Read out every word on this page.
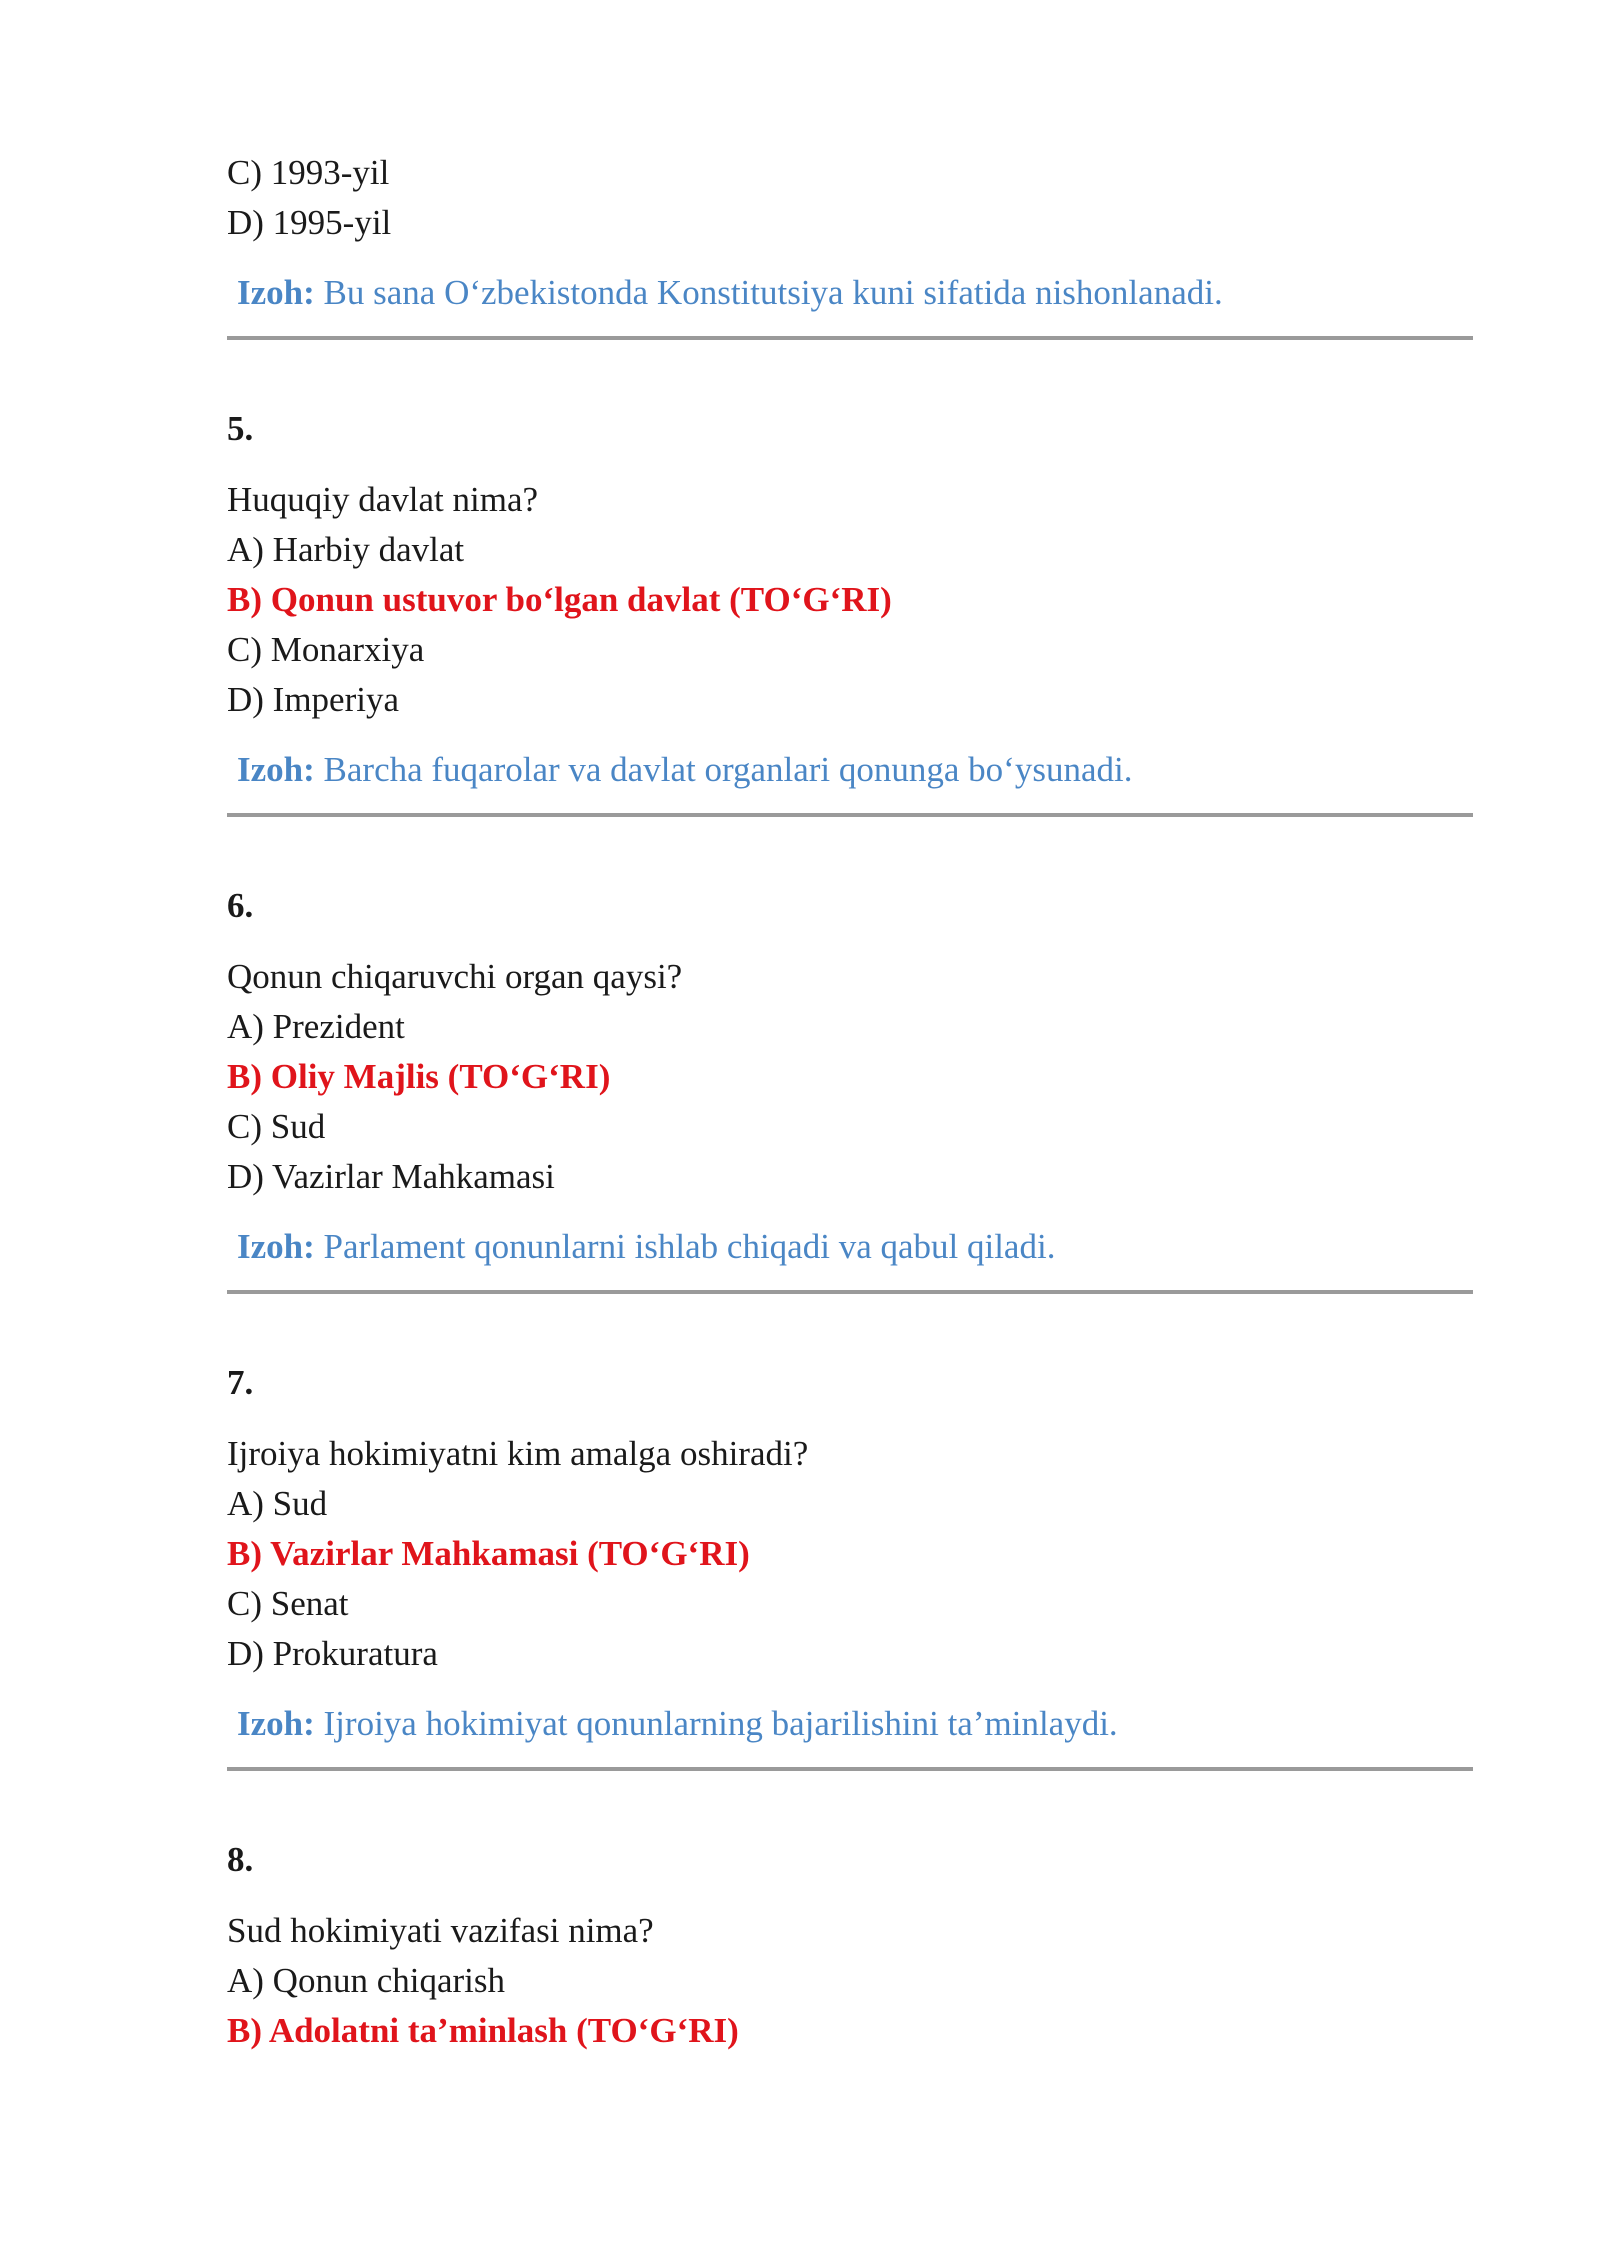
C) 1993-yil
D) 1995-yil
Izoh: Bu sana O‘zbekistonda Konstitutsiya kuni sifatida nishonlanadi.
5.
Huquqiy davlat nima?
A) Harbiy davlat
B) Qonun ustuvor bo‘lgan davlat (TO‘G‘RI)
C) Monarxiya
D) Imperiya
Izoh: Barcha fuqarolar va davlat organlari qonunga bo‘ysunadi.
6.
Qonun chiqaruvchi organ qaysi?
A) Prezident
B) Oliy Majlis (TO‘G‘RI)
C) Sud
D) Vazirlar Mahkamasi
Izoh: Parlament qonunlarni ishlab chiqadi va qabul qiladi.
7.
Ijroiya hokimiyatni kim amalga oshiradi?
A) Sud
B) Vazirlar Mahkamasi (TO‘G‘RI)
C) Senat
D) Prokuratura
Izoh: Ijroiya hokimiyat qonunlarning bajarilishini ta’minlaydi.
8.
Sud hokimiyati vazifasi nima?
A) Qonun chiqarish
B) Adolatni ta’minlash (TO‘G‘RI)
